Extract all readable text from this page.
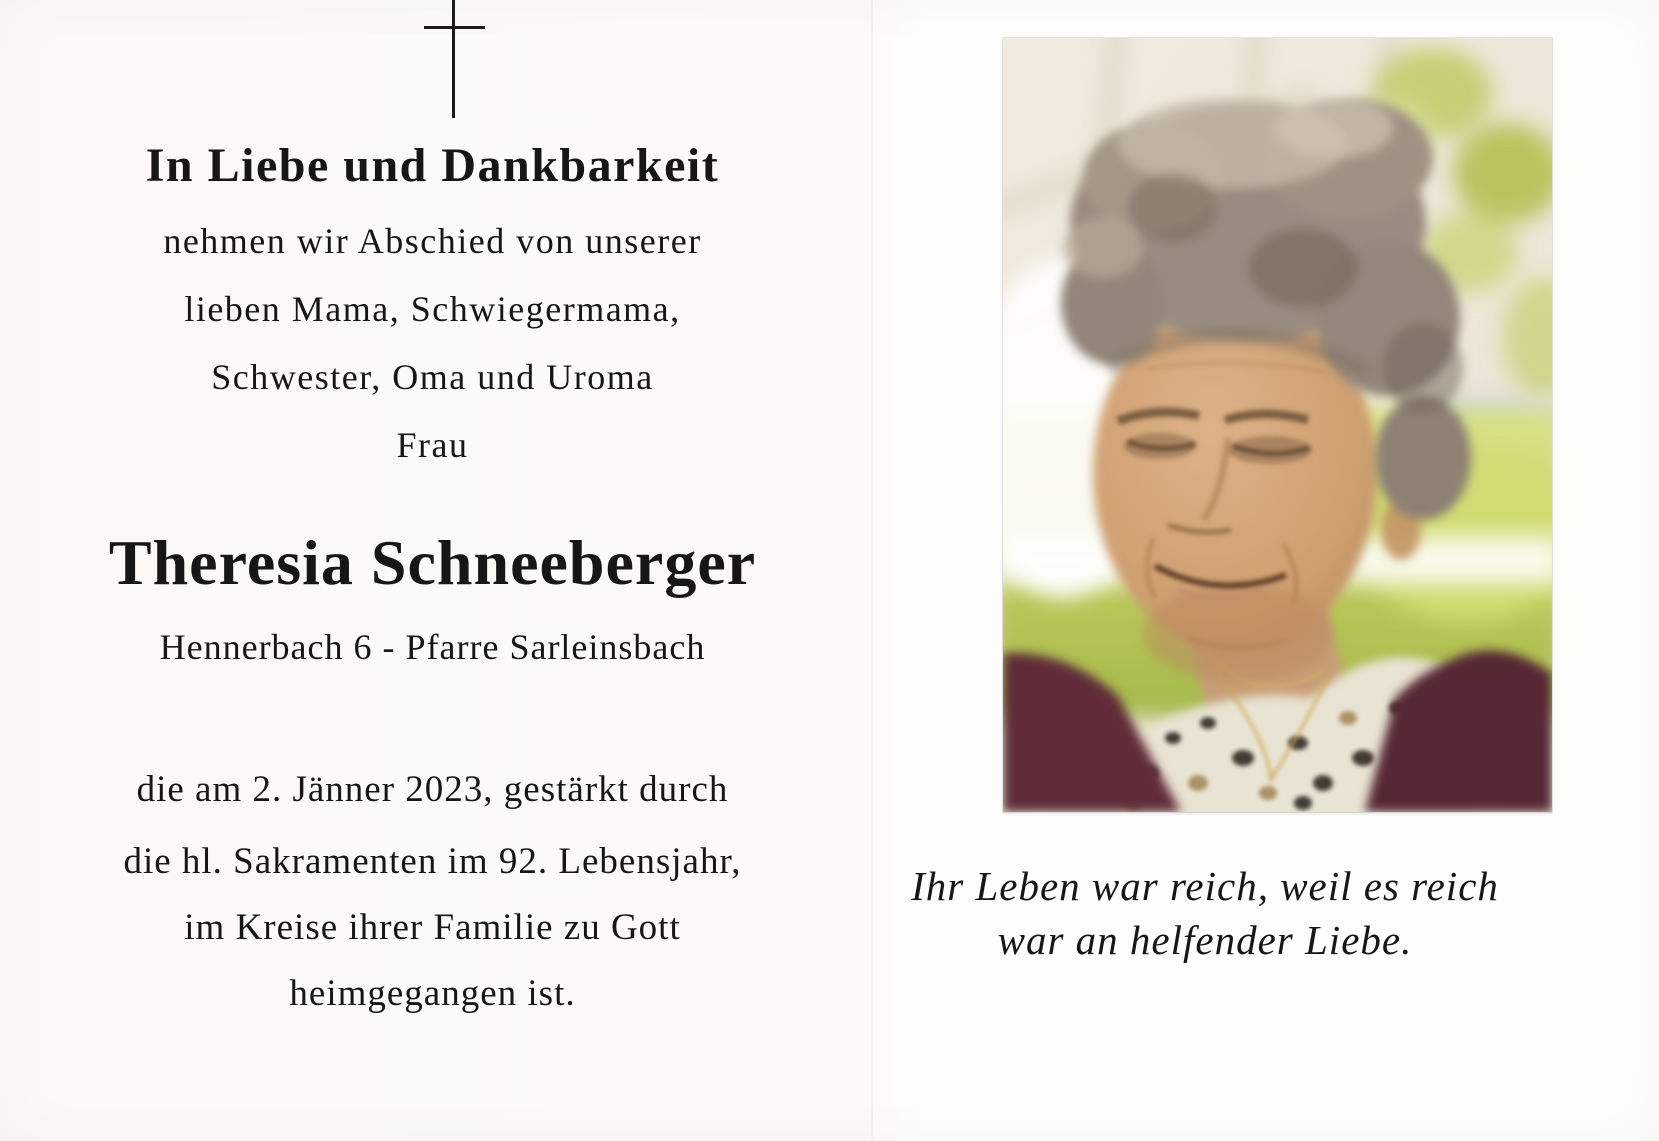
In Liebe und Dankbarkeit

nehmen wir Abschied von unserer

lieben Mama, Schwiegermama,

Schwester, Oma und Uroma

Frau

Theresia Schneeberger

Hennerbach 6 - Pfarre Sarleinsbach

die am 2. Jänner 2023, gestärkt durch

die hl. Sakramenten im 92. Lebensjahr,

im Kreise ihrer Familie zu Gott

heimgegangen ist.

Ihr Leben war reich, weil es reich

war an helfender Liebe.
